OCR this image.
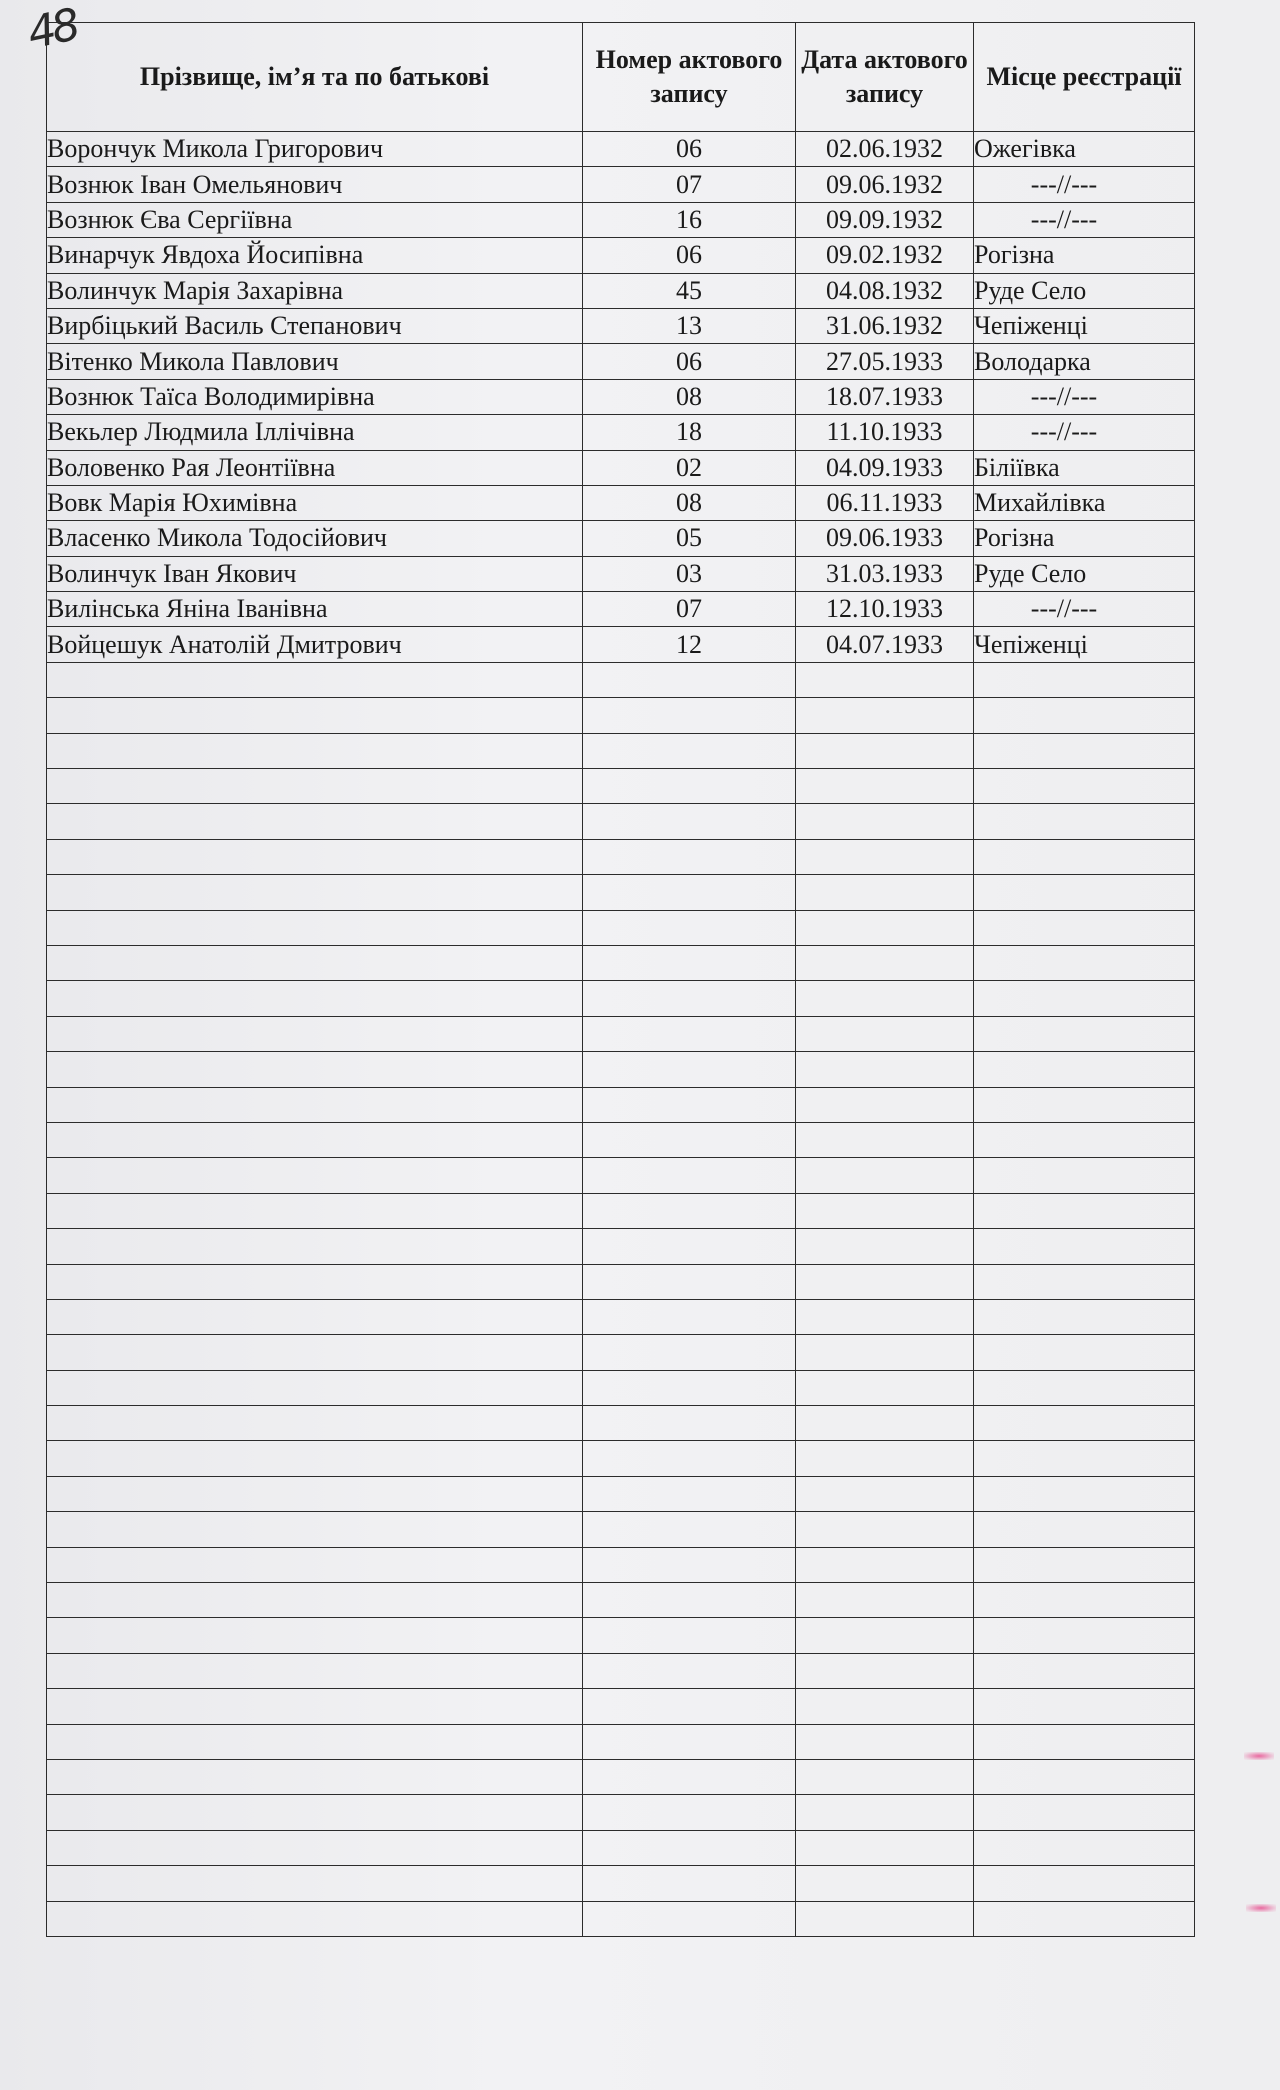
48
Прізвище, ім’я та по батькові	Номер актового запису	Дата актового запису	Місце реєстрації
Ворончук Микола Григорович	06	02.06.1932	Ожегівка
Вознюк Іван Омельянович	07	09.06.1932	---//---
Вознюк Єва Сергіївна	16	09.09.1932	---//---
Винарчук Явдоха Йосипівна	06	09.02.1932	Рогізна
Волинчук Марія Захарівна	45	04.08.1932	Руде Село
Вирбіцький Василь Степанович	13	31.06.1932	Чепіженці
Вітенко Микола Павлович	06	27.05.1933	Володарка
Вознюк Таїса Володимирівна	08	18.07.1933	---//---
Векьлер Людмила Іллічівна	18	11.10.1933	---//---
Воловенко Рая Леонтіївна	02	04.09.1933	Біліївка
Вовк Марія Юхимівна	08	06.11.1933	Михайлівка
Власенко Микола Тодосійович	05	09.06.1933	Рогізна
Волинчук Іван Якович	03	31.03.1933	Руде Село
Вилінська Яніна Іванівна	07	12.10.1933	---//---
Войцешук Анатолій Дмитрович	12	04.07.1933	Чепіженці
